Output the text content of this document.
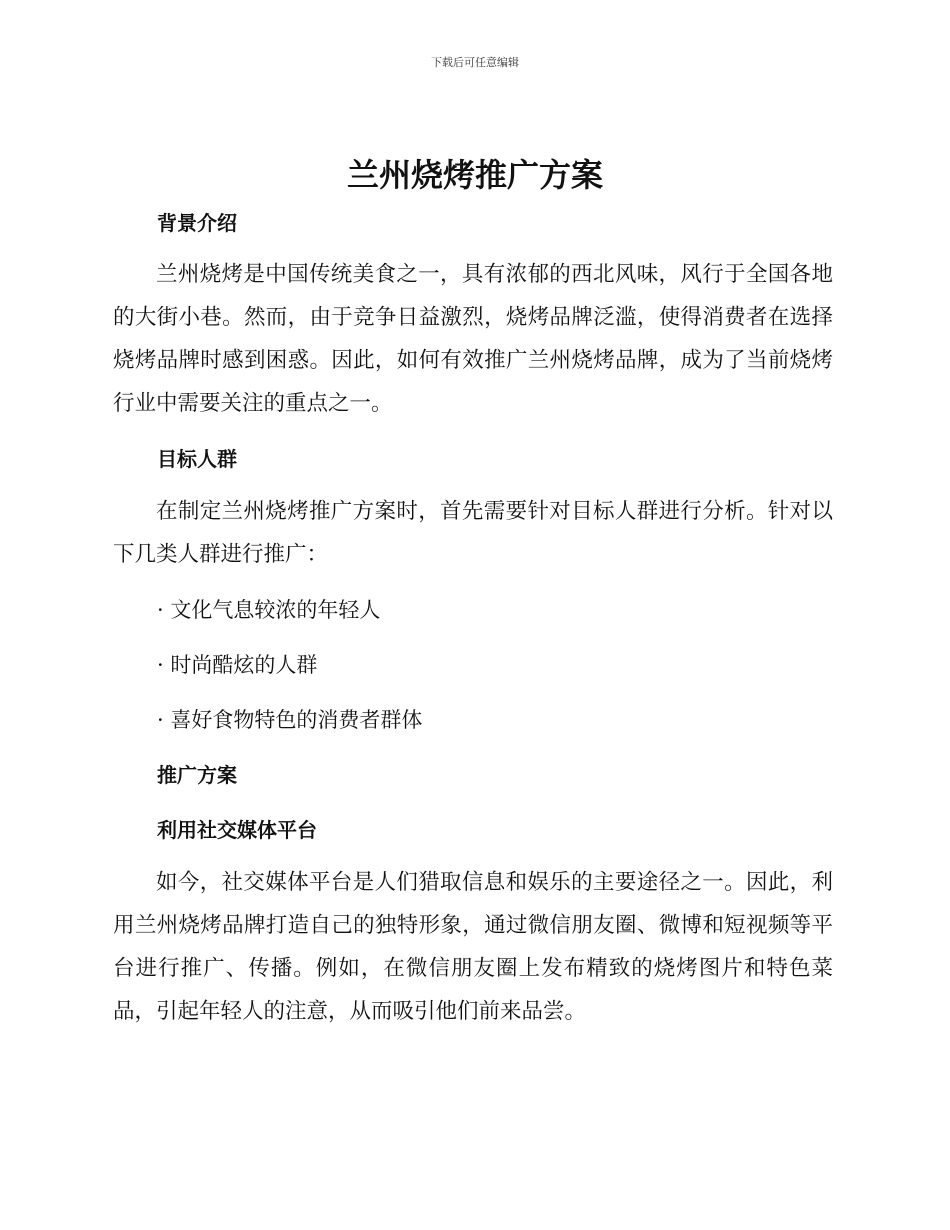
下载后可任意编辑
兰州烧烤推广方案
背景介绍

兰州烧烤是中国传统美食之一，具有浓郁的西北风味，风行于全国各地的大街小巷。然而，由于竞争日益激烈，烧烤品牌泛滥，使得消费者在选择烧烤品牌时感到困惑。因此，如何有效推广兰州烧烤品牌，成为了当前烧烤行业中需要关注的重点之一。

目标人群

在制定兰州烧烤推广方案时，首先需要针对目标人群进行分析。针对以下几类人群进行推广：

· 文化气息较浓的年轻人
· 时尚酷炫的人群
· 喜好食物特色的消费者群体
推广方案
利用社交媒体平台

如今，社交媒体平台是人们猎取信息和娱乐的主要途径之一。因此，利用兰州烧烤品牌打造自己的独特形象，通过微信朋友圈、微博和短视频等平台进行推广、传播。例如，在微信朋友圈上发布精致的烧烤图片和特色菜品，引起年轻人的注意，从而吸引他们前来品尝。
